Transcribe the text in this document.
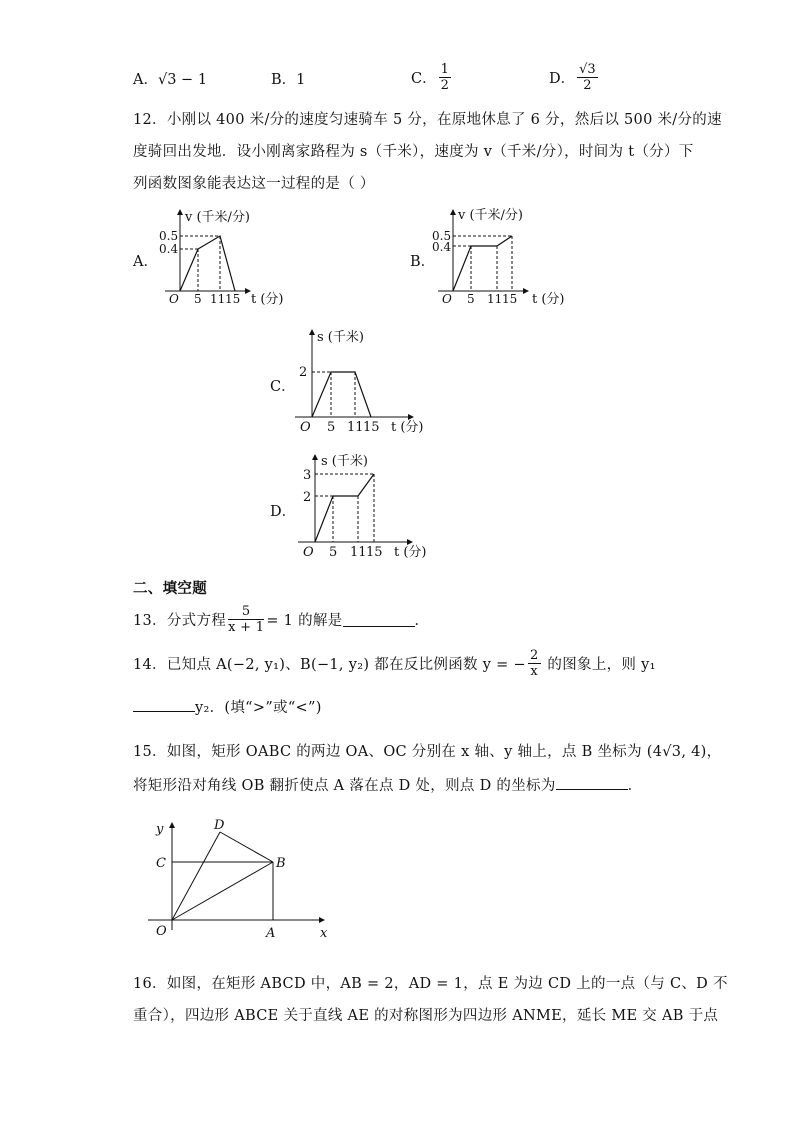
A．√3 − 1	B．1	C． $\frac{1}{2}$	D． $\frac{√3}{2}$
12．小刚以 400 米/分的速度匀速骑车 5 分，在原地休息了 6 分，然后以 500 米/分的速
度骑回出发地．设小刚离家路程为 s（千米），速度为 v（千米/分），时间为 t（分）下
列函数图象能表达这一过程的是（ ）
A．
v (千米/分)
0.5
0.4
O 5 11 15 t (分)
B．
v (千米/分)
0.5
0.4
O 5 11 15 t (分)
C．
s (千米)
2
O 5 11 15 t (分)
D．
s (千米)
3
2
O 5 11 15 t (分)
二、填空题
13．分式方程 $\frac{5}{x + 1} = 1$ 的解是	．
14．已知点 A(−2, y₁)、B(−1, y₂) 都在反比例函数 y = − $\frac{2}{x}$ 的图象上，则 y₁
y₂．(填“>”或“<”)
15．如图，矩形 OABC 的两边 OA、OC 分别在 x 轴、y 轴上，点 B 坐标为 (4√3, 4)，
将矩形沿对角线 OB 翻折使点 A 落在点 D 处，则点 D 的坐标为	．
y
x
O	A
B
C
D
16．如图，在矩形 ABCD 中，AB = 2，AD = 1，点 E 为边 CD 上的一点（与 C、D 不
重合），四边形 ABCE 关于直线 AE 的对称图形为四边形 ANME，延长 ME 交 AB 于点
